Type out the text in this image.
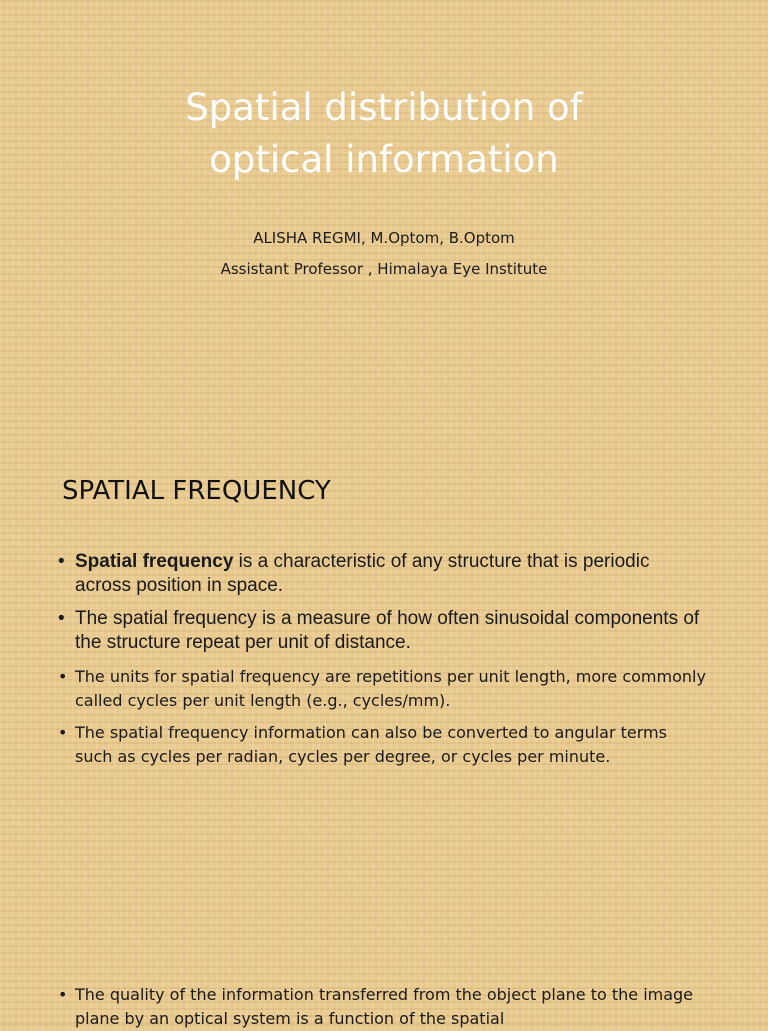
Spatial distribution of
optical information
ALISHA REGMI, M.Optom, B.Optom
Assistant Professor , Himalaya Eye Institute
SPATIAL FREQUENCY
• Spatial frequency is a characteristic of any structure that is periodic across position in space.
• The spatial frequency is a measure of how often sinusoidal components of the structure repeat per unit of distance.
• The units for spatial frequency are repetitions per unit length, more commonly called cycles per unit length (e.g., cycles/mm).
• The spatial frequency information can also be converted to angular terms such as cycles per radian, cycles per degree, or cycles per minute.
• The quality of the information transferred from the object plane to the image plane by an optical system is a function of the spatial
